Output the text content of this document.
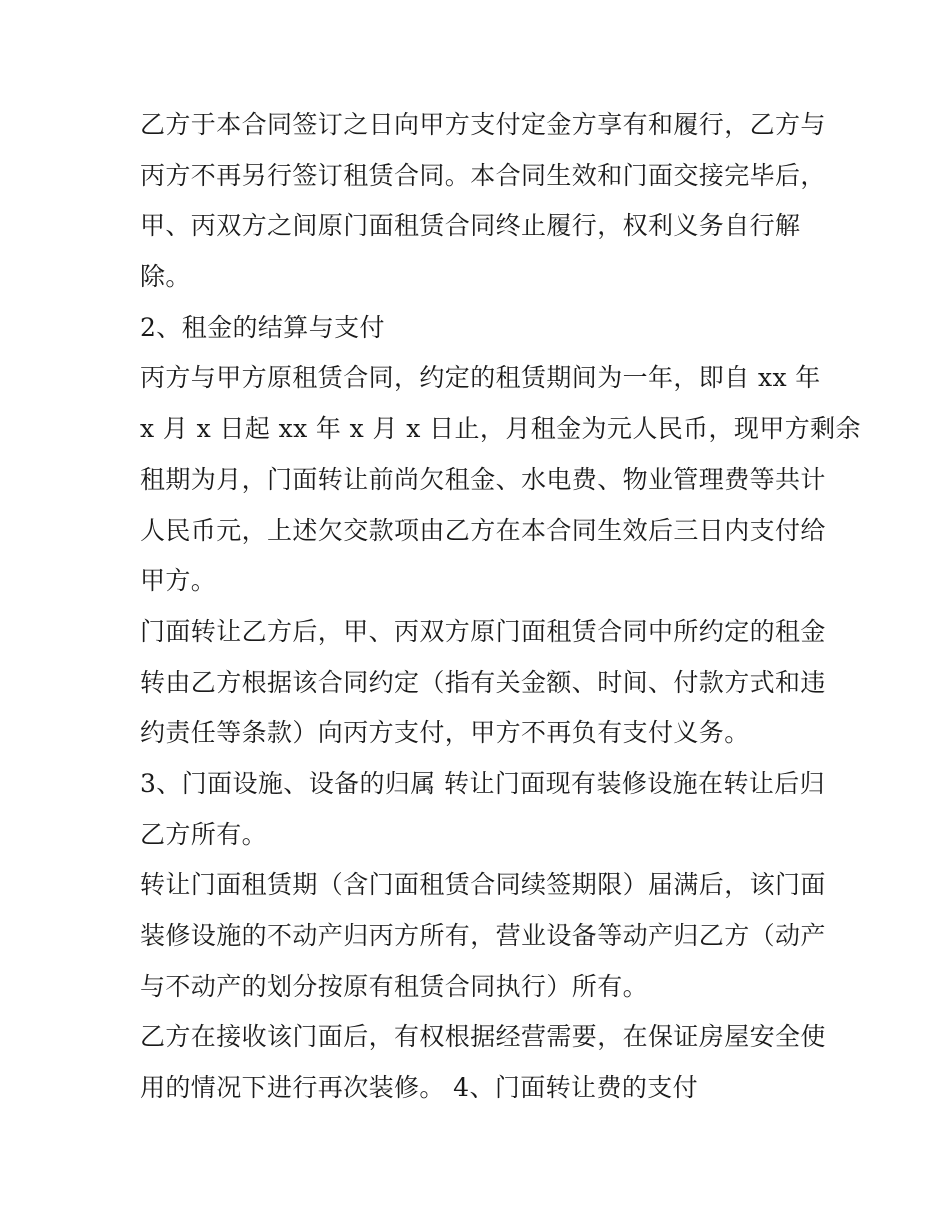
乙方于本合同签订之日向甲方支付定金方享有和履行，乙方与
丙方不再另行签订租赁合同。本合同生效和门面交接完毕后，
甲、丙双方之间原门面租赁合同终止履行，权利义务自行解
除。
2、租金的结算与支付
丙方与甲方原租赁合同，约定的租赁期间为一年，即自 xx 年
x 月 x 日起 xx 年 x 月 x 日止，月租金为元人民币，现甲方剩余
租期为月，门面转让前尚欠租金、水电费、物业管理费等共计
人民币元，上述欠交款项由乙方在本合同生效后三日内支付给
甲方。
门面转让乙方后，甲、丙双方原门面租赁合同中所约定的租金
转由乙方根据该合同约定（指有关金额、时间、付款方式和违
约责任等条款）向丙方支付，甲方不再负有支付义务。
3、门面设施、设备的归属 转让门面现有装修设施在转让后归
乙方所有。
转让门面租赁期（含门面租赁合同续签期限）届满后，该门面
装修设施的不动产归丙方所有，营业设备等动产归乙方（动产
与不动产的划分按原有租赁合同执行）所有。
乙方在接收该门面后，有权根据经营需要，在保证房屋安全使
用的情况下进行再次装修。 4、门面转让费的支付
